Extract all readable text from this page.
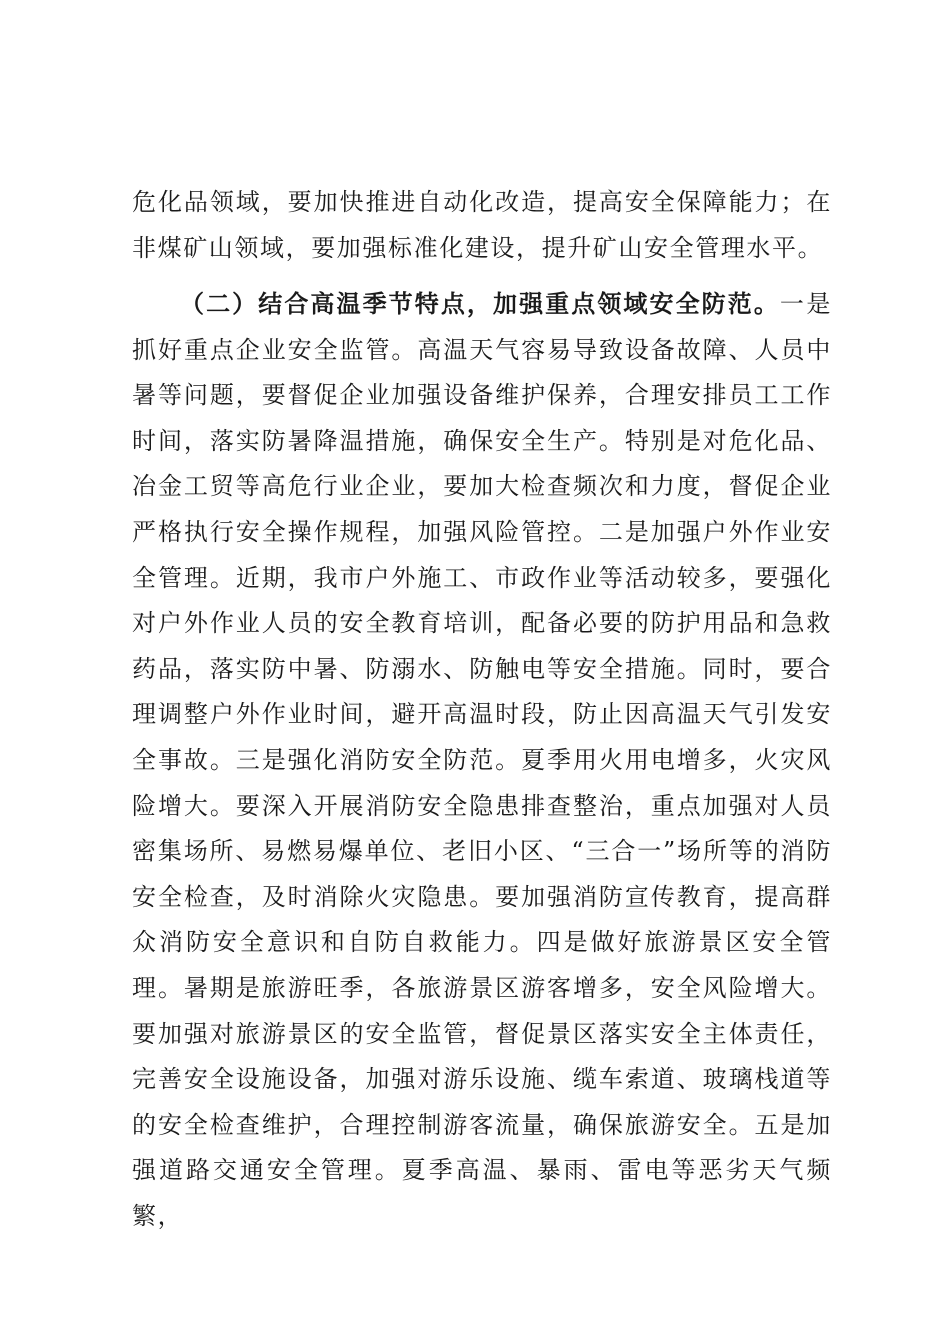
危化品领域，要加快推进自动化改造，提高安全保障能力；在非煤矿山领域，要加强标准化建设，提升矿山安全管理水平。

（二）结合高温季节特点，加强重点领域安全防范。一是抓好重点企业安全监管。高温天气容易导致设备故障、人员中暑等问题，要督促企业加强设备维护保养，合理安排员工工作时间，落实防暑降温措施，确保安全生产。特别是对危化品、冶金工贸等高危行业企业，要加大检查频次和力度，督促企业严格执行安全操作规程，加强风险管控。二是加强户外作业安全管理。近期，我市户外施工、市政作业等活动较多，要强化对户外作业人员的安全教育培训，配备必要的防护用品和急救药品，落实防中暑、防溺水、防触电等安全措施。同时，要合理调整户外作业时间，避开高温时段，防止因高温天气引发安全事故。三是强化消防安全防范。夏季用火用电增多，火灾风险增大。要深入开展消防安全隐患排查整治，重点加强对人员密集场所、易燃易爆单位、老旧小区、“三合一”场所等的消防安全检查，及时消除火灾隐患。要加强消防宣传教育，提高群众消防安全意识和自防自救能力。四是做好旅游景区安全管理。暑期是旅游旺季，各旅游景区游客增多，安全风险增大。要加强对旅游景区的安全监管，督促景区落实安全主体责任，完善安全设施设备，加强对游乐设施、缆车索道、玻璃栈道等的安全检查维护，合理控制游客流量，确保旅游安全。五是加强道路交通安全管理。夏季高温、暴雨、雷电等恶劣天气频繁，
